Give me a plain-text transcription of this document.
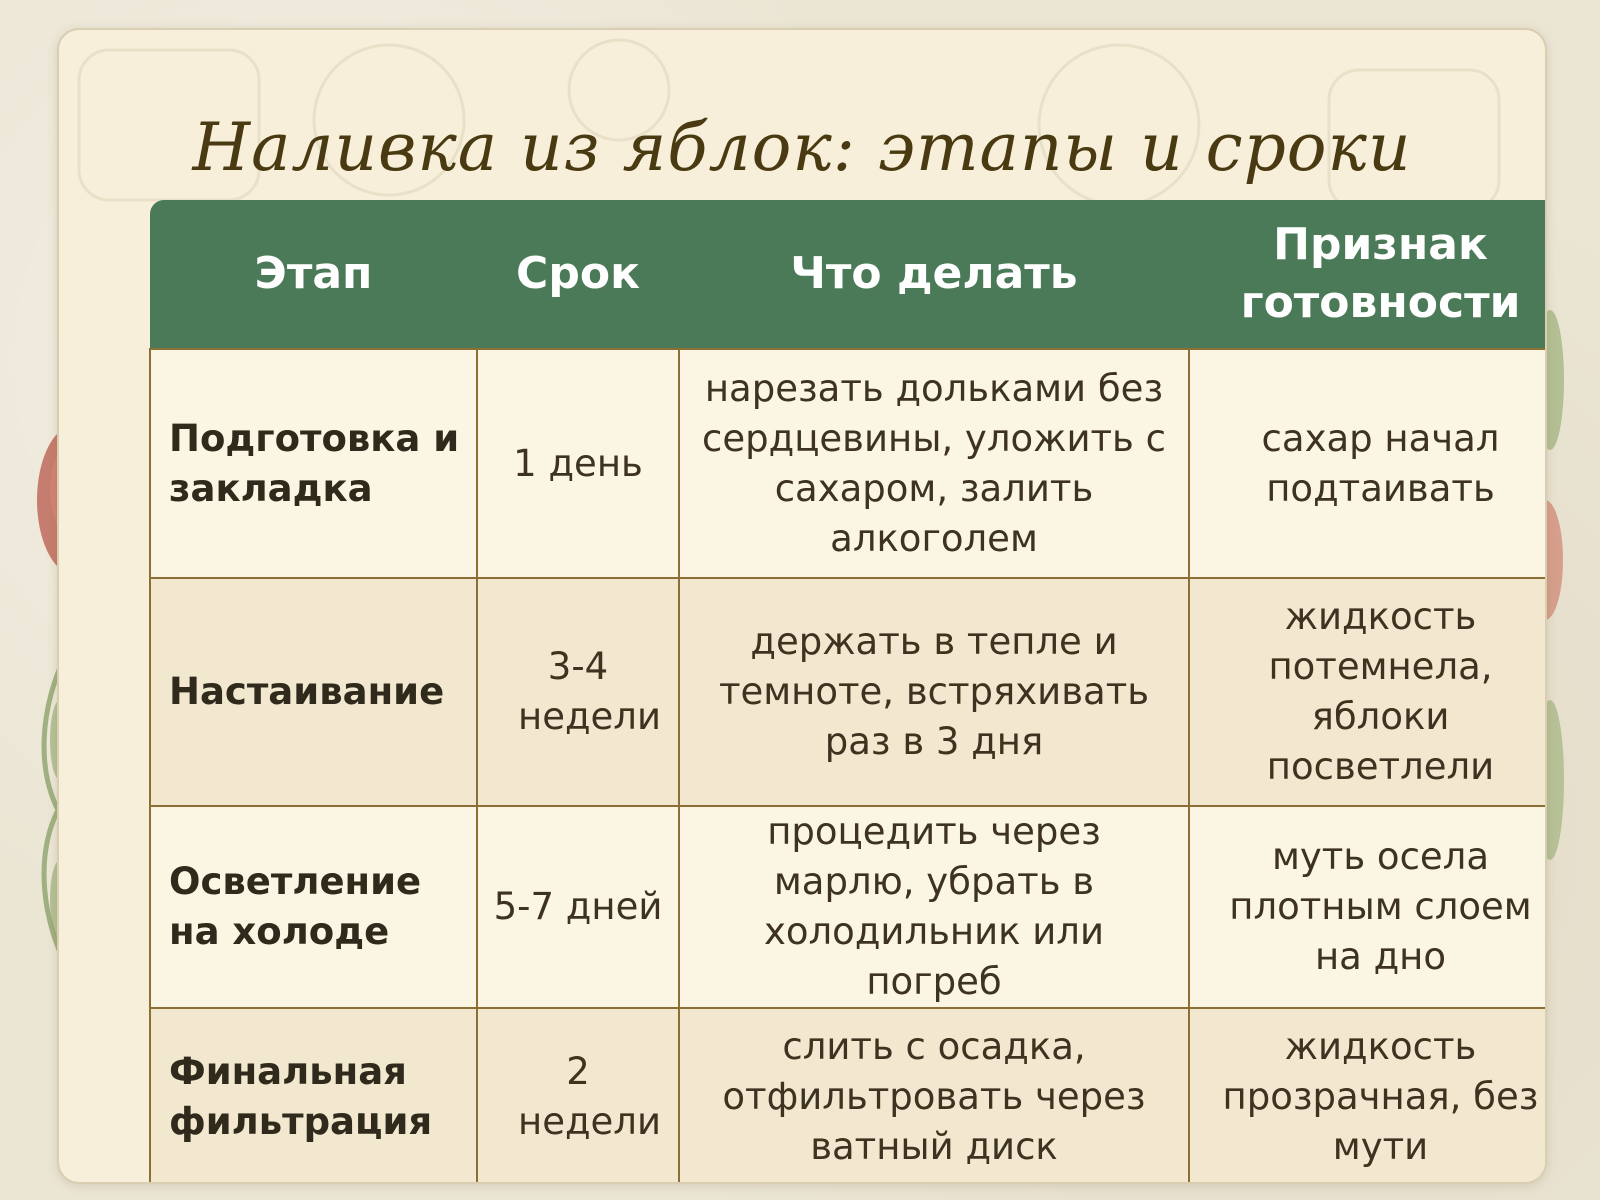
Наливка из яблок: этапы и сроки
Этап	Срок	Что делать	Признак готовности
Подготовка и закладка	1 день	нарезать дольками без сердцевины, уложить с сахаром, залить алкоголем	сахар начал подтаивать
Настаивание	3-4 недели	держать в тепле и темноте, встряхивать раз в 3 дня	жидкость потемнела, яблоки посветлели
Осветление на холоде	5-7 дней	процедить через марлю, убрать в холодильник или погреб	муть осела плотным слоем на дно
Финальная фильтрация	2 недели	слить с осадка, отфильтровать через ватный диск	жидкость прозрачная, без мути
